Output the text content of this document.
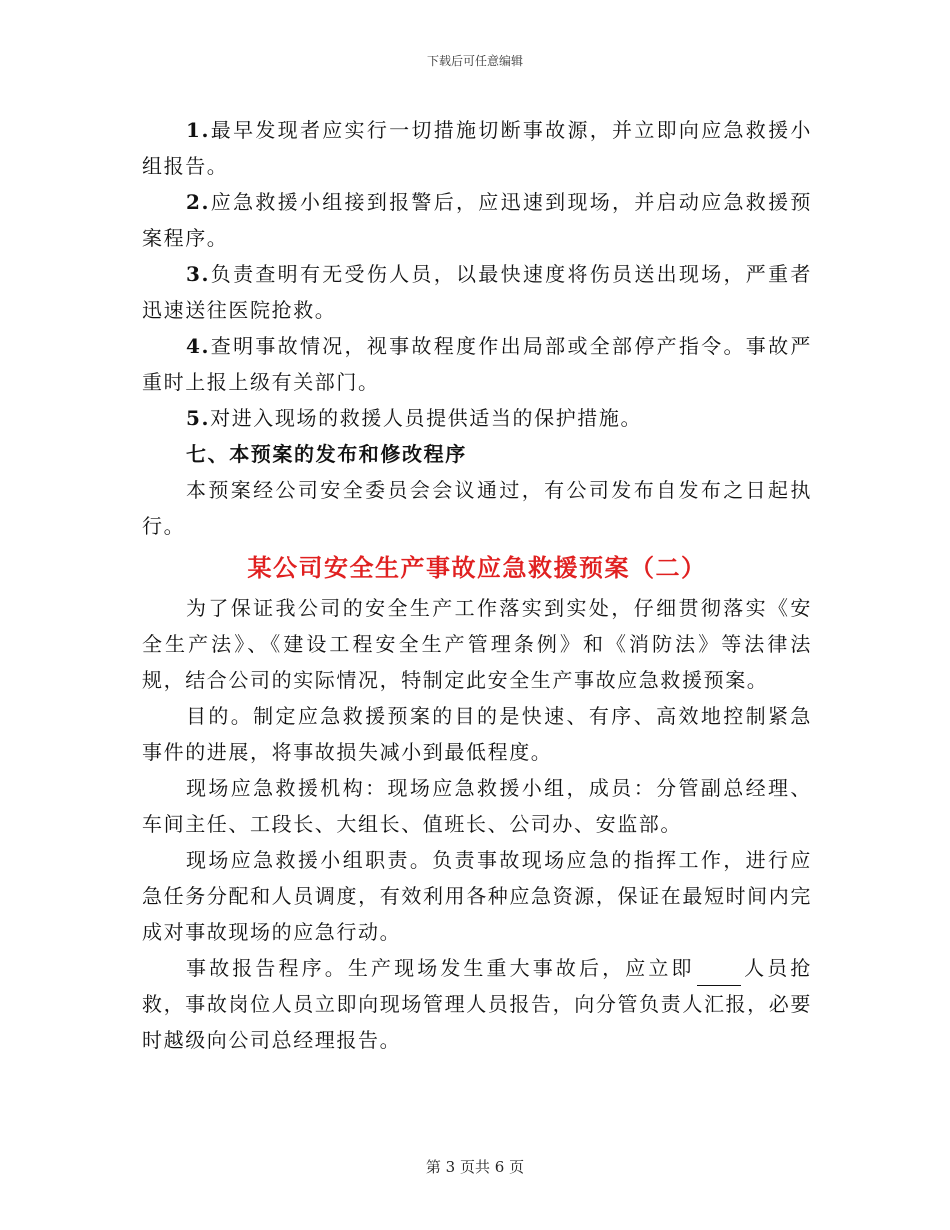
下载后可任意编辑

1.最早发现者应实行一切措施切断事故源，并立即向应急救援小组报告。

2.应急救援小组接到报警后，应迅速到现场，并启动应急救援预案程序。

3.负责查明有无受伤人员，以最快速度将伤员送出现场，严重者迅速送往医院抢救。

4.查明事故情况，视事故程度作出局部或全部停产指令。事故严重时上报上级有关部门。

5.对进入现场的救援人员提供适当的保护措施。

七、本预案的发布和修改程序

本预案经公司安全委员会会议通过，有公司发布自发布之日起执行。

某公司安全生产事故应急救援预案（二）

为了保证我公司的安全生产工作落实到实处，仔细贯彻落实《安全生产法》、《建设工程安全生产管理条例》和《消防法》等法律法规，结合公司的实际情况，特制定此安全生产事故应急救援预案。

目的。制定应急救援预案的目的是快速、有序、高效地控制紧急事件的进展，将事故损失减小到最低程度。

现场应急救援机构：现场应急救援小组，成员：分管副总经理、车间主任、工段长、大组长、值班长、公司办、安监部。

现场应急救援小组职责。负责事故现场应急的指挥工作，进行应急任务分配和人员调度，有效利用各种应急资源，保证在最短时间内完成对事故现场的应急行动。

事故报告程序。生产现场发生重大事故后，应立即 人员抢救，事故岗位人员立即向现场管理人员报告，向分管负责人汇报，必要时越级向公司总经理报告。

第 3 页共 6 页
